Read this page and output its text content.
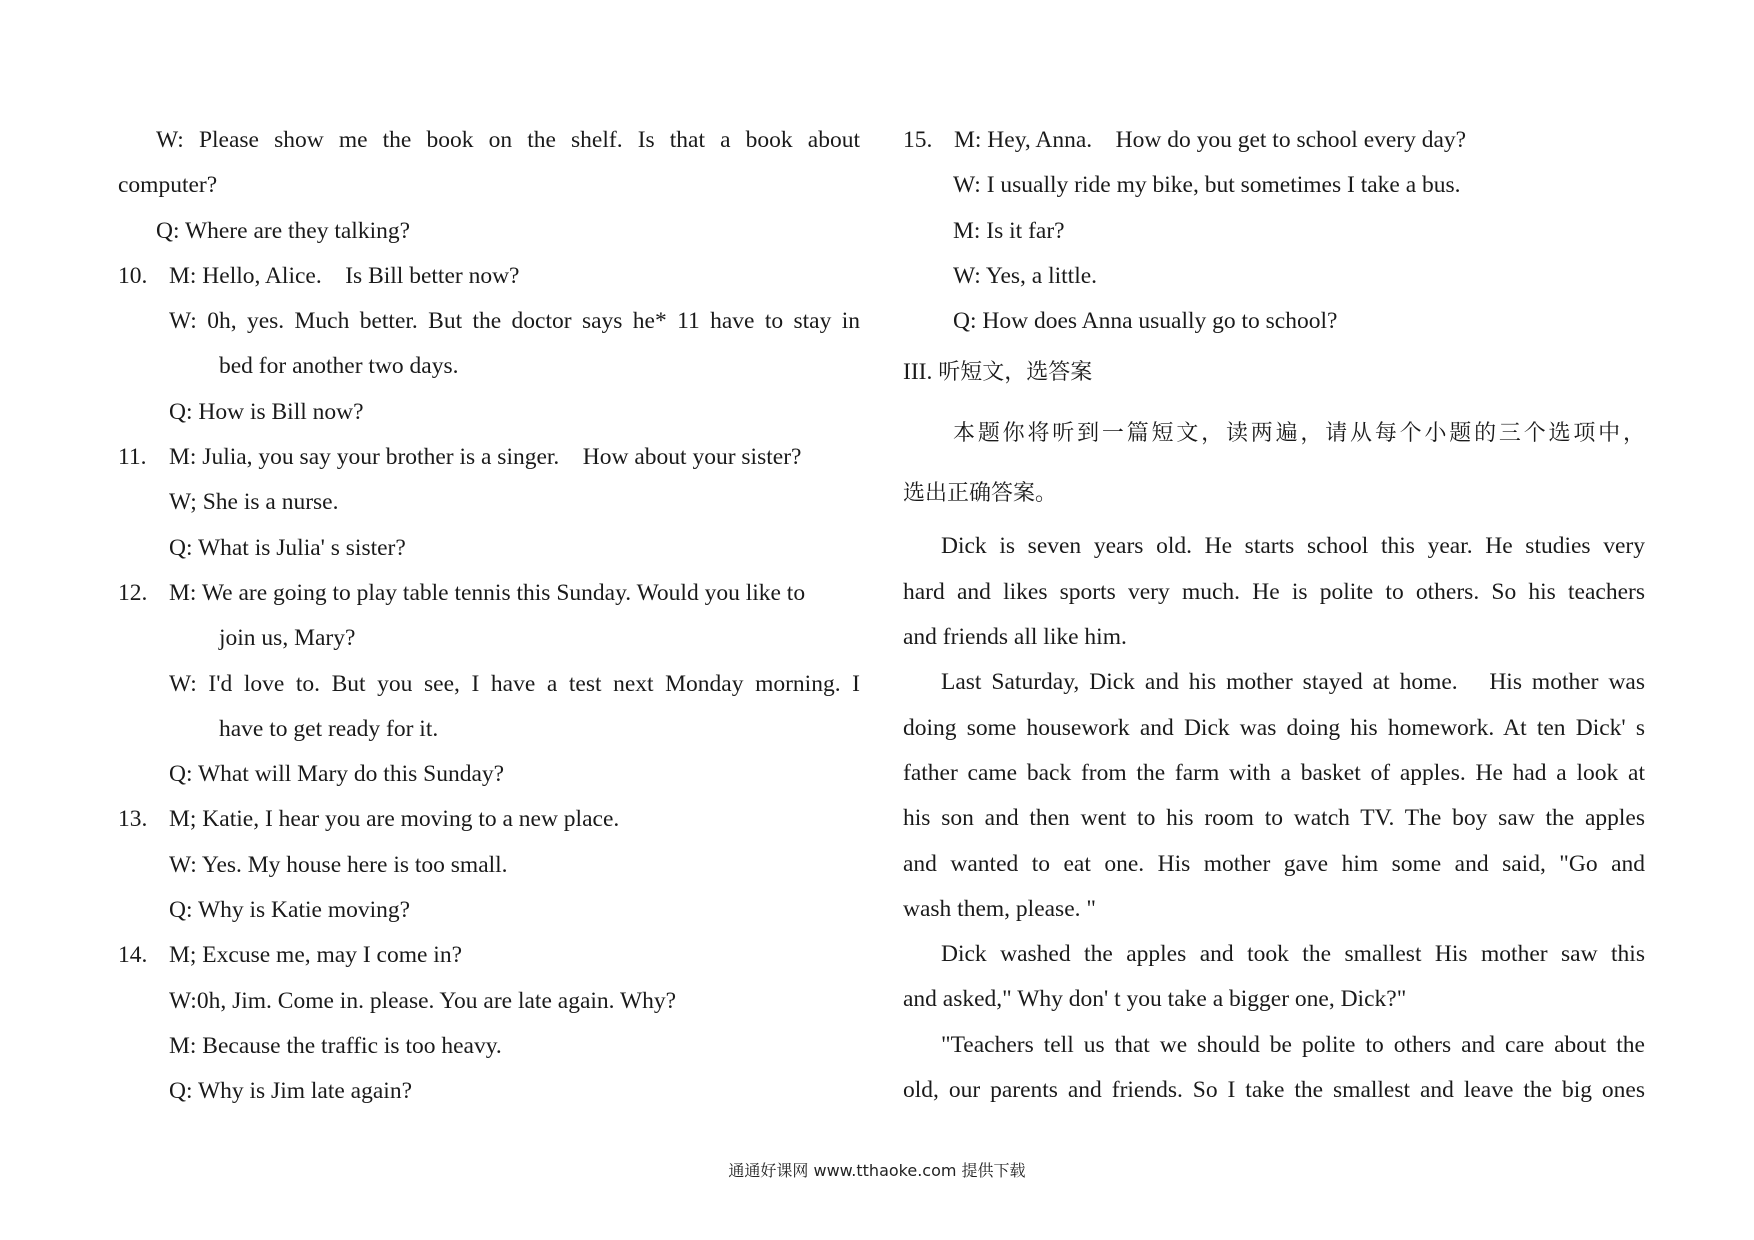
W: Please show me the book on the shelf. Is that a book about
computer?
Q: Where are they talking?
10. M: Hello, Alice.　Is Bill better now?
W: 0h, yes. Much better. But the doctor says he* 11 have to stay in
bed for another two days.
Q: How is Bill now?
11. M: Julia, you say your brother is a singer.　How about your sister?
W; She is a nurse.
Q: What is Julia' s sister?
12. M: We are going to play table tennis this Sunday. Would you like to
join us, Mary?
W: I'd love to. But you see, I have a test next Monday morning. I
have to get ready for it.
Q: What will Mary do this Sunday?
13. M; Katie, I hear you are moving to a new place.
W: Yes. My house here is too small.
Q: Why is Katie moving?
14. M; Excuse me, may I come in?
W:0h, Jim. Come in. please. You are late again. Why?
M: Because the traffic is too heavy.
Q: Why is Jim late again?
15. M: Hey, Anna.　How do you get to school every day?
W: I usually ride my bike, but sometimes I take a bus.
M: Is it far?
W: Yes, a little.
Q: How does Anna usually go to school?
III. 听短文，选答案
本题你将听到一篇短文，读两遍，请从每个小题的三个选项中，
选出正确答案。
Dick is seven years old. He starts school this year. He studies very
hard and likes sports very much. He is polite to others. So his teachers
and friends all like him.
Last Saturday, Dick and his mother stayed at home.　His mother was
doing some housework and Dick was doing his homework. At ten Dick' s
father came back from the farm with a basket of apples. He had a look at
his son and then went to his room to watch TV. The boy saw the apples
and wanted to eat one. His mother gave him some and said, "Go and
wash them, please. "
Dick washed the apples and took the smallest His mother saw this
and asked," Why don' t you take a bigger one, Dick?"
"Teachers tell us that we should be polite to others and care about the
old, our parents and friends. So I take the smallest and leave the big ones
通通好课网 www.tthaoke.com 提供下载
